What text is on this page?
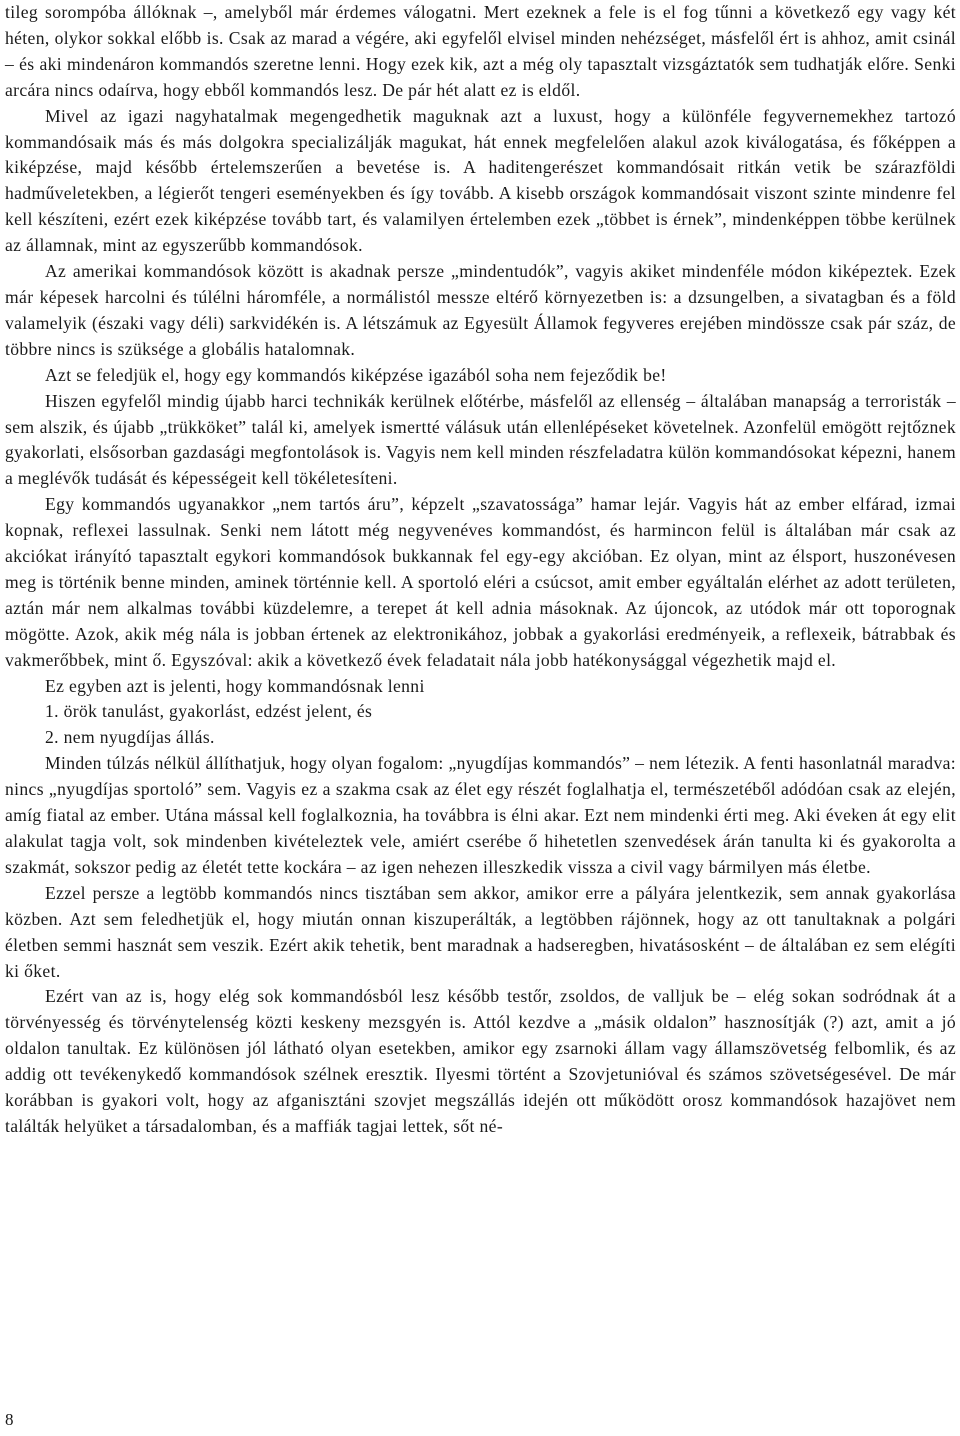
tileg sorompóba állóknak –, amelyből már érdemes válogatni. Mert ezeknek a fele is el fog tűnni a következő egy vagy két héten, olykor sokkal előbb is. Csak az marad a végére, aki egyfelől elvisel minden nehézséget, másfelől ért is ahhoz, amit csinál – és aki mindenáron kommandós szeretne lenni. Hogy ezek kik, azt a még oly tapasztalt vizsgáztatók sem tudhatják előre. Senki arcára nincs odaírva, hogy ebből kommandós lesz. De pár hét alatt ez is eldől.

Mivel az igazi nagyhatalmak megengedhetik maguknak azt a luxust, hogy a különféle fegyvernemekhez tartozó kommandósaik más és más dolgokra specializálják magukat, hát ennek megfelelően alakul azok kiválogatása, és főképpen a kiképzése, majd később értelemszerűen a bevetése is. A haditengerészet kommandósait ritkán vetik be szárazföldi hadműveletekben, a légierőt tengeri eseményekben és így tovább. A kisebb országok kommandósait viszont szinte mindenre fel kell készíteni, ezért ezek kiképzése tovább tart, és valamilyen értelemben ezek „többet is érnek”, mindenképpen többe kerülnek az államnak, mint az egyszerűbb kommandósok.

Az amerikai kommandósok között is akadnak persze „mindentudók”, vagyis akiket mindenféle módon kiképeztek. Ezek már képesek harcolni és túlélni háromféle, a normálistól messze eltérő környezetben is: a dzsungelben, a sivatagban és a föld valamelyik (északi vagy déli) sarkvidékén is. A létszámuk az Egyesült Államok fegyveres erejében mindössze csak pár száz, de többre nincs is szüksége a globális hatalomnak.

Azt se feledjük el, hogy egy kommandós kiképzése igazából soha nem fejeződik be!

Hiszen egyfelől mindig újabb harci technikák kerülnek előtérbe, másfelől az ellenség – általában manapság a terroristák – sem alszik, és újabb „trükköket” talál ki, amelyek ismertté válásuk után ellenlépéseket követelnek. Azonfelül emögött rejtőznek gyakorlati, elsősorban gazdasági megfontolások is. Vagyis nem kell minden részfeladatra külön kommandósokat képezni, hanem a meglévők tudását és képességeit kell tökéletesíteni.

Egy kommandós ugyanakkor „nem tartós áru”, képzelt „szavatossága” hamar lejár. Vagyis hát az ember elfárad, izmai kopnak, reflexei lassulnak. Senki nem látott még negyvenéves kommandóst, és harmincon felül is általában már csak az akciókat irányító tapasztalt egykori kommandósok bukkannak fel egy-egy akcióban. Ez olyan, mint az élsport, huszonévesen meg is történik benne minden, aminek történnie kell. A sportoló eléri a csúcsot, amit ember egyáltalán elérhet az adott területen, aztán már nem alkalmas további küzdelemre, a terepet át kell adnia másoknak. Az újoncok, az utódok már ott toporognak mögötte. Azok, akik még nála is jobban értenek az elektronikához, jobbak a gyakorlási eredményeik, a reflexeik, bátrabbak és vakmerőbbek, mint ő. Egyszóval: akik a következő évek feladatait nála jobb hatékonysággal végezhetik majd el.

Ez egyben azt is jelenti, hogy kommandósnak lenni

1. örök tanulást, gyakorlást, edzést jelent, és

2. nem nyugdíjas állás.

Minden túlzás nélkül állíthatjuk, hogy olyan fogalom: „nyugdíjas kommandós” – nem létezik. A fenti hasonlatnál maradva: nincs „nyugdíjas sportoló” sem. Vagyis ez a szakma csak az élet egy részét foglalhatja el, természetéből adódóan csak az elején, amíg fiatal az ember. Utána mással kell foglalkoznia, ha továbbra is élni akar. Ezt nem mindenki érti meg. Aki éveken át egy elit alakulat tagja volt, sok mindenben kivételeztek vele, amiért cserébe ő hihetetlen szenvedések árán tanulta ki és gyakorolta a szakmát, sokszor pedig az életét tette kockára – az igen nehezen illeszkedik vissza a civil vagy bármilyen más életbe.

Ezzel persze a legtöbb kommandós nincs tisztában sem akkor, amikor erre a pályára jelentkezik, sem annak gyakorlása közben. Azt sem feledhetjük el, hogy miután onnan kiszuperálták, a legtöbben rájönnek, hogy az ott tanultaknak a polgári életben semmi hasznát sem veszik. Ezért akik tehetik, bent maradnak a hadseregben, hivatásosként – de általában ez sem elégíti ki őket.

Ezért van az is, hogy elég sok kommandósból lesz később testőr, zsoldos, de valljuk be – elég sokan sodródnak át a törvényesség és törvénytelenség közti keskeny mezsgyén is. Attól kezdve a „másik oldalon” hasznosítják (?) azt, amit a jó oldalon tanultak. Ez különösen jól látható olyan esetekben, amikor egy zsarnoki állam vagy államszövetség felbomlik, és az addig ott tevékenykedő kommandósok szélnek eresztik. Ilyesmi történt a Szovjetunióval és számos szövetségesével. De már korábban is gyakori volt, hogy az afganisztáni szovjet megszállás idején ott működött orosz kommandósok hazajövet nem találták helyüket a társadalomban, és a maffiák tagjai lettek, sőt né-

8
